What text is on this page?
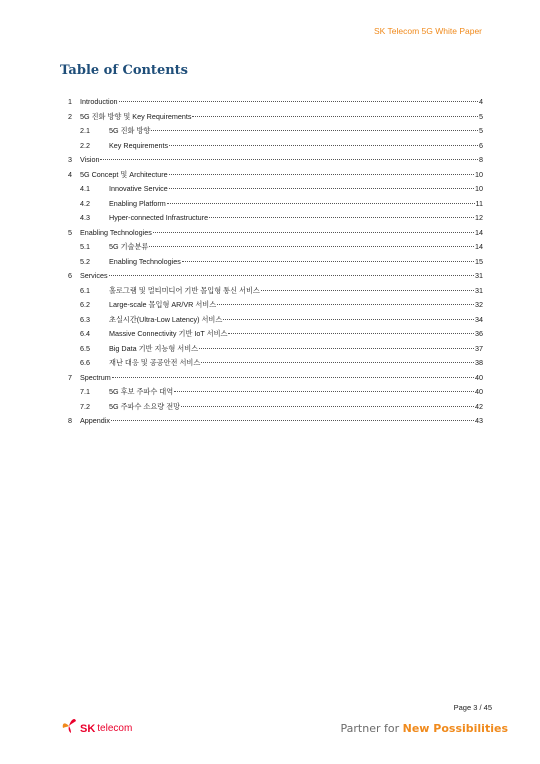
SK Telecom 5G White Paper
Table of Contents
1 Introduction	4
2 5G 진화 방향 및 Key Requirements	5
2.1	5G 진화 방향	5
2.2	Key Requirements	6
3 Vision	8
4 5G Concept 및 Architecture	10
4.1	Innovative Service	10
4.2	Enabling Platform	11
4.3	Hyper-connected Infrastructure	12
5 Enabling Technologies	14
5.1	5G 기술분류	14
5.2	Enabling Technologies	15
6 Services	31
6.1	홀로그램 및 멀티미디어 기반 몰입형 통신 서비스	31
6.2	Large-scale 몰입형 AR/VR 서비스	32
6.3	초실시간(Ultra-Low Latency) 서비스	34
6.4	Massive Connectivity 기반 IoT 서비스	36
6.5	Big Data 기반 지능형 서비스	37
6.6	재난 대응 및 공공안전 서비스	38
7 Spectrum	40
7.1	5G 후보 주파수 대역	40
7.2	5G 주파수 소요량 전망	42
8 Appendix	43
Page 3 / 45
SK telecom	Partner for New Possibilities
